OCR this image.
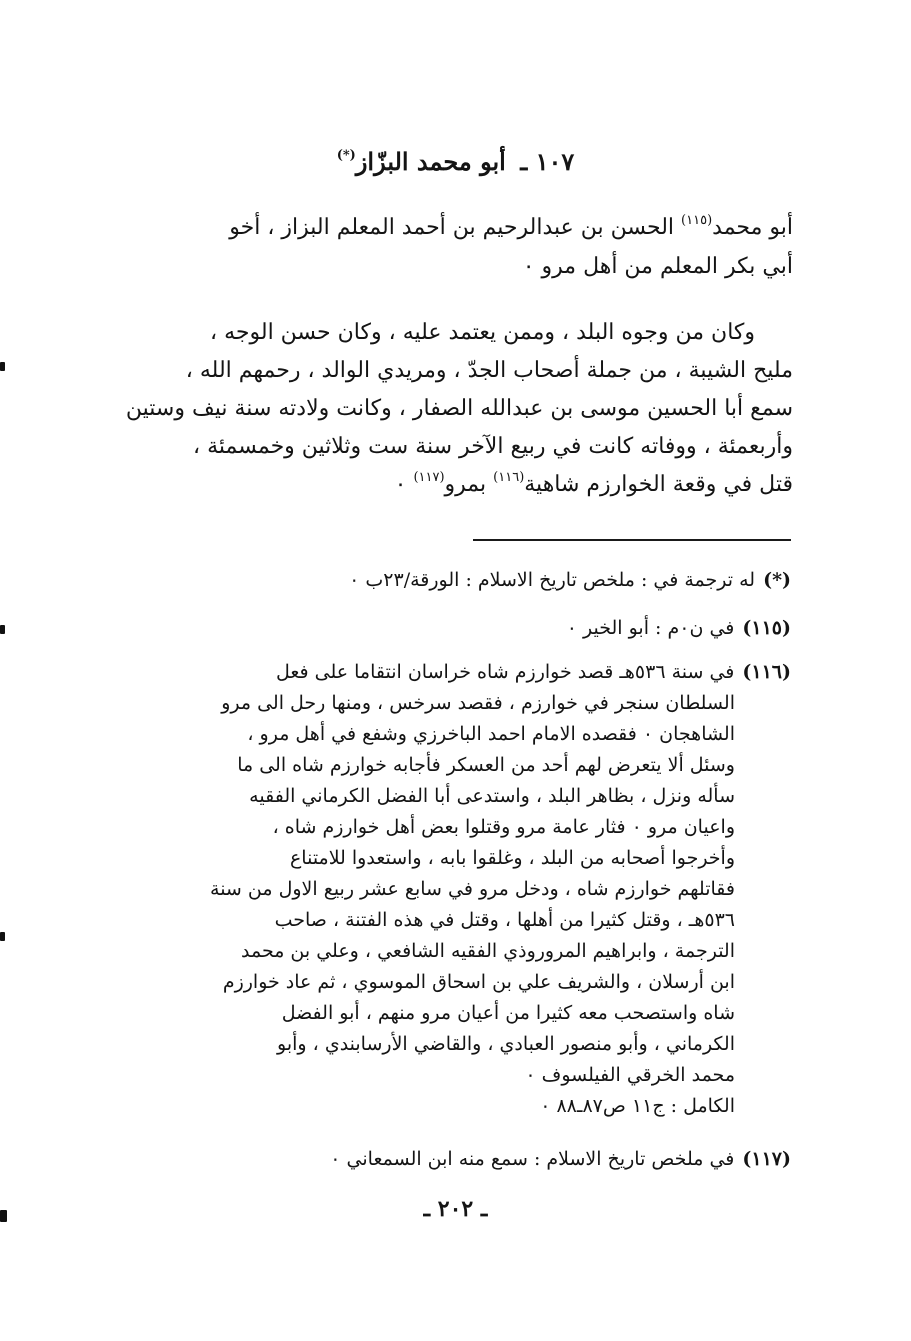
١٠٧ ـ أبو محمد البزّاز(*)
أبو محمد$^{(١١٥)}$ الحسن بن عبدالرحيم بن أحمد المعلم البزاز ، أخو
أبي بكر المعلم من أهل مرو ٠
وكان من وجوه البلد ، وممن يعتمد عليه ، وكان حسن الوجه ،
مليح الشيبة ، من جملة أصحاب الجدّ ، ومريدي الوالد ، رحمهم الله ،
سمع أبا الحسين موسى بن عبدالله الصفار ، وكانت ولادته سنة نيف وستين
وأربعمئة ، ووفاته كانت في ربيع الآخر سنة ست وثلاثين وخمسمئة ،
قتل في وقعة الخوارزم شاهية$^{(١١٦)}$ بمرو$^{(١١٧)}$ ٠
(*)له ترجمة في : ملخص تاريخ الاسلام : الورقة/٢٣ب ٠
(١١٥)في ن٠م : أبو الخير ٠
(١١٦)في سنة ٥٣٦هـ قصد خوارزم شاه خراسان انتقاما على فعل
السلطان سنجر في خوارزم ، فقصد سرخس ، ومنها رحل الى مرو
الشاهجان ٠ فقصده الامام احمد الباخرزي وشفع في أهل مرو ،
وسئل ألا يتعرض لهم أحد من العسكر فأجابه خوارزم شاه الى ما
سأله ونزل ، بظاهر البلد ، واستدعى أبا الفضل الكرماني الفقيه
واعيان مرو ٠ فثار عامة مرو وقتلوا بعض أهل خوارزم شاه ،
وأخرجوا أصحابه من البلد ، وغلقوا بابه ، واستعدوا للامتناع
فقاتلهم خوارزم شاه ، ودخل مرو في سابع عشر ربيع الاول من سنة
٥٣٦هـ ، وقتل كثيرا من أهلها ، وقتل في هذه الفتنة ، صاحب
الترجمة ، وابراهيم المروروذي الفقيه الشافعي ، وعلي بن محمد
ابن أرسلان ، والشريف علي بن اسحاق الموسوي ، ثم عاد خوارزم
شاه واستصحب معه كثيرا من أعيان مرو منهم ، أبو الفضل
الكرماني ، وأبو منصور العبادي ، والقاضي الأرسابندي ، وأبو
محمد الخرقي الفيلسوف ٠
الكامل : ج١١ ص٨٧ـ٨٨ ٠
(١١٧)في ملخص تاريخ الاسلام : سمع منه ابن السمعاني ٠
ـ ٢٠٢ ـ
